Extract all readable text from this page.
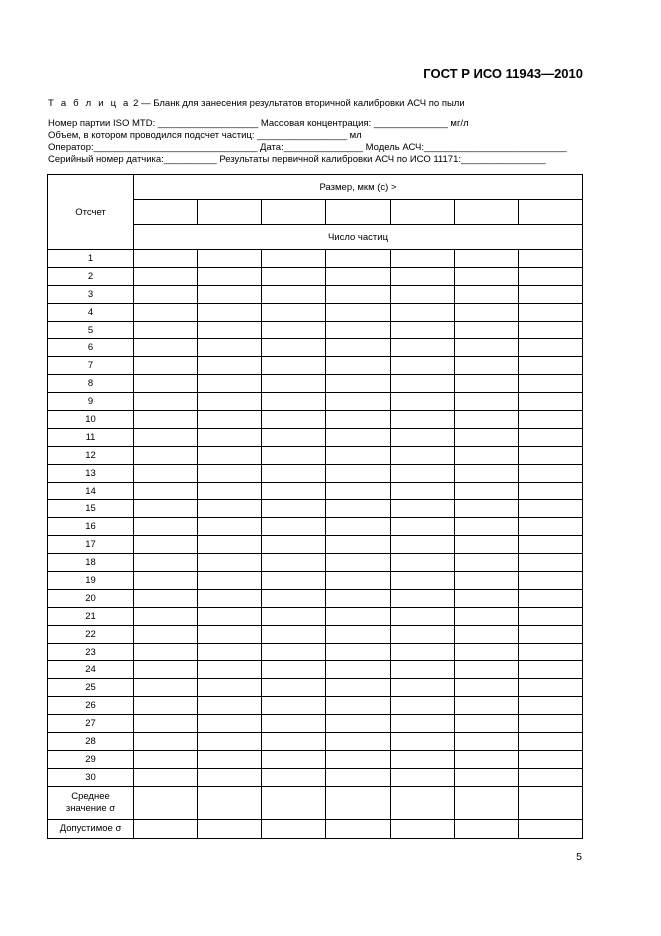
ГОСТ Р ИСО 11943—2010
Т а б л и ц а 2 — Бланк для занесения результатов вторичной калибровки АСЧ по пыли
Номер партии ISO MTD: ___________________ Массовая концентрация: ______________ мг/л
Объем, в котором проводился подсчет частиц: _________________ мл
Оператор:_______________________________ Дата:_______________ Модель АСЧ:___________________________
Серийный номер датчика:__________ Результаты первичной калибровки АСЧ по ИСО 11171:________________
Отсчет	Размер, мкм (c) >						

	Число частиц						
1							
2							
3							
4							
5							
6							
7							
8							
9							
10							
11							
12							
13							
14							
15							
16							
17							
18							
19							
20							
21							
22							
23							
24							
25							
26							
27							
28							
29							
30							
Среднее
значение σ							
Допустимое σ							
5
